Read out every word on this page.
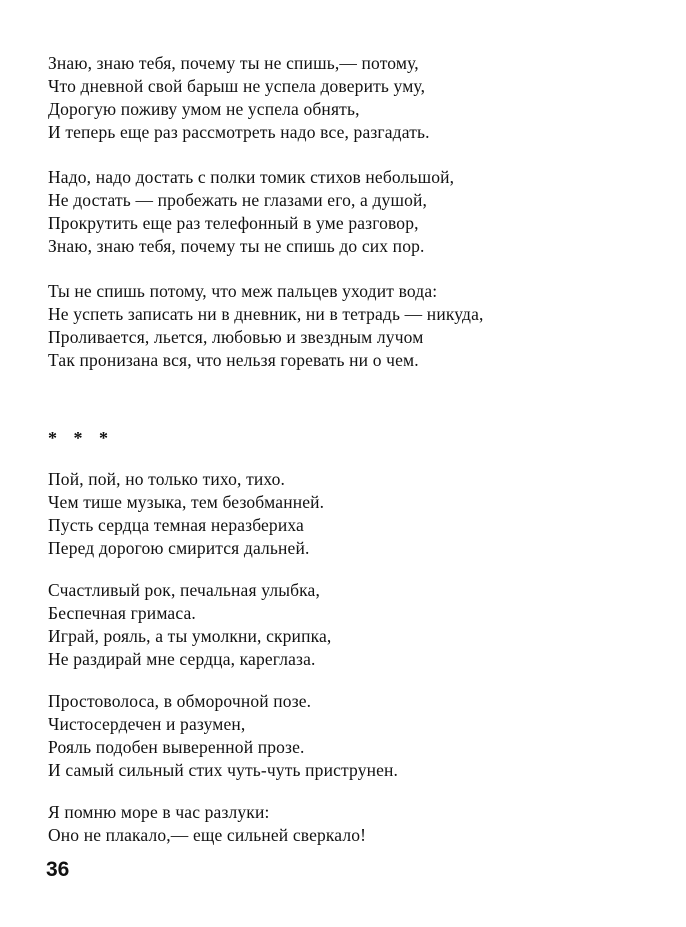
Знаю, знаю тебя, почему ты не спишь,— потому,
Что дневной свой барыш не успела доверить уму,
Дорогую поживу умом не успела обнять,
И теперь еще раз рассмотреть надо все, разгадать.
Надо, надо достать с полки томик стихов небольшой,
Не достать — пробежать не глазами его, а душой,
Прокрутить еще раз телефонный в уме разговор,
Знаю, знаю тебя, почему ты не спишь до сих пор.
Ты не спишь потому, что меж пальцев уходит вода:
Не успеть записать ни в дневник, ни в тетрадь — никуда,
Проливается, льется, любовью и звездным лучом
Так пронизана вся, что нельзя горевать ни о чем.
* * *
Пой, пой, но только тихо, тихо.
Чем тише музыка, тем безобманней.
Пусть сердца темная неразбериха
Перед дорогою смирится дальней.
Счастливый рок, печальная улыбка,
Беспечная гримаса.
Играй, рояль, а ты умолкни, скрипка,
Не раздирай мне сердца, кареглаза.
Простоволоса, в обморочной позе.
Чистосердечен и разумен,
Рояль подобен выверенной прозе.
И самый сильный стих чуть-чуть приструнен.
Я помню море в час разлуки:
Оно не плакало,— еще сильней сверкало!
36
